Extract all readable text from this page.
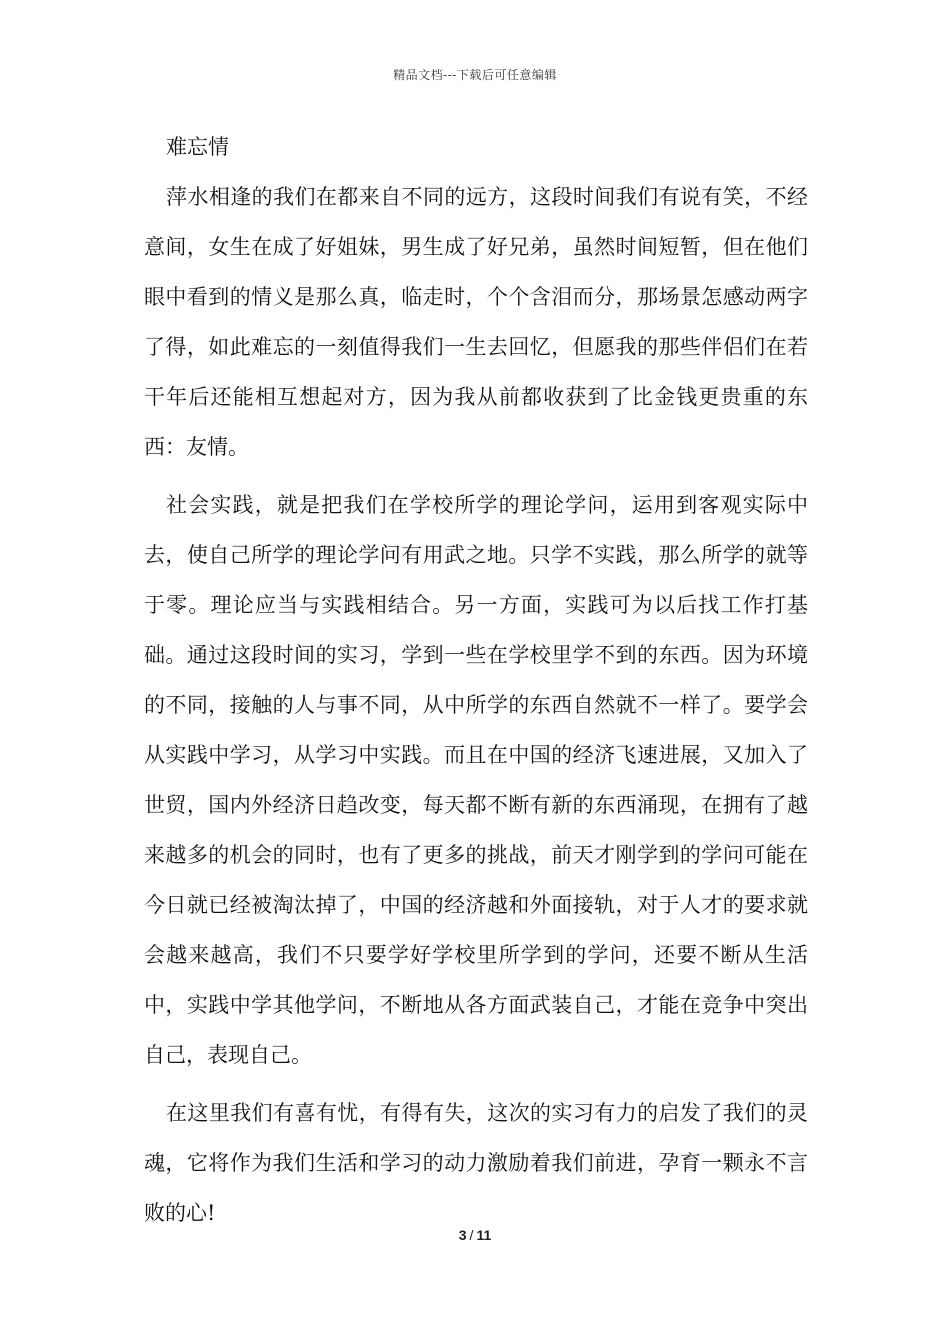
精品文档---下载后可任意编辑
难忘情

萍水相逢的我们在都来自不同的远方，这段时间我们有说有笑，不经意间，女生在成了好姐妹，男生成了好兄弟，虽然时间短暂，但在他们眼中看到的情义是那么真，临走时，个个含泪而分，那场景怎感动两字了得，如此难忘的一刻值得我们一生去回忆，但愿我的那些伴侣们在若干年后还能相互想起对方，因为我从前都收获到了比金钱更贵重的东西：友情。

社会实践，就是把我们在学校所学的理论学问，运用到客观实际中去，使自己所学的理论学问有用武之地。只学不实践，那么所学的就等于零。理论应当与实践相结合。另一方面，实践可为以后找工作打基础。通过这段时间的实习，学到一些在学校里学不到的东西。因为环境的不同，接触的人与事不同，从中所学的东西自然就不一样了。要学会从实践中学习，从学习中实践。而且在中国的经济飞速进展，又加入了世贸，国内外经济日趋改变，每天都不断有新的东西涌现，在拥有了越来越多的机会的同时，也有了更多的挑战，前天才刚学到的学问可能在今日就已经被淘汰掉了，中国的经济越和外面接轨，对于人才的要求就会越来越高，我们不只要学好学校里所学到的学问，还要不断从生活中，实践中学其他学问，不断地从各方面武装自己，才能在竞争中突出自己，表现自己。

在这里我们有喜有忧，有得有失，这次的实习有力的启发了我们的灵魂，它将作为我们生活和学习的动力激励着我们前进，孕育一颗永不言败的心!

3 / 11
